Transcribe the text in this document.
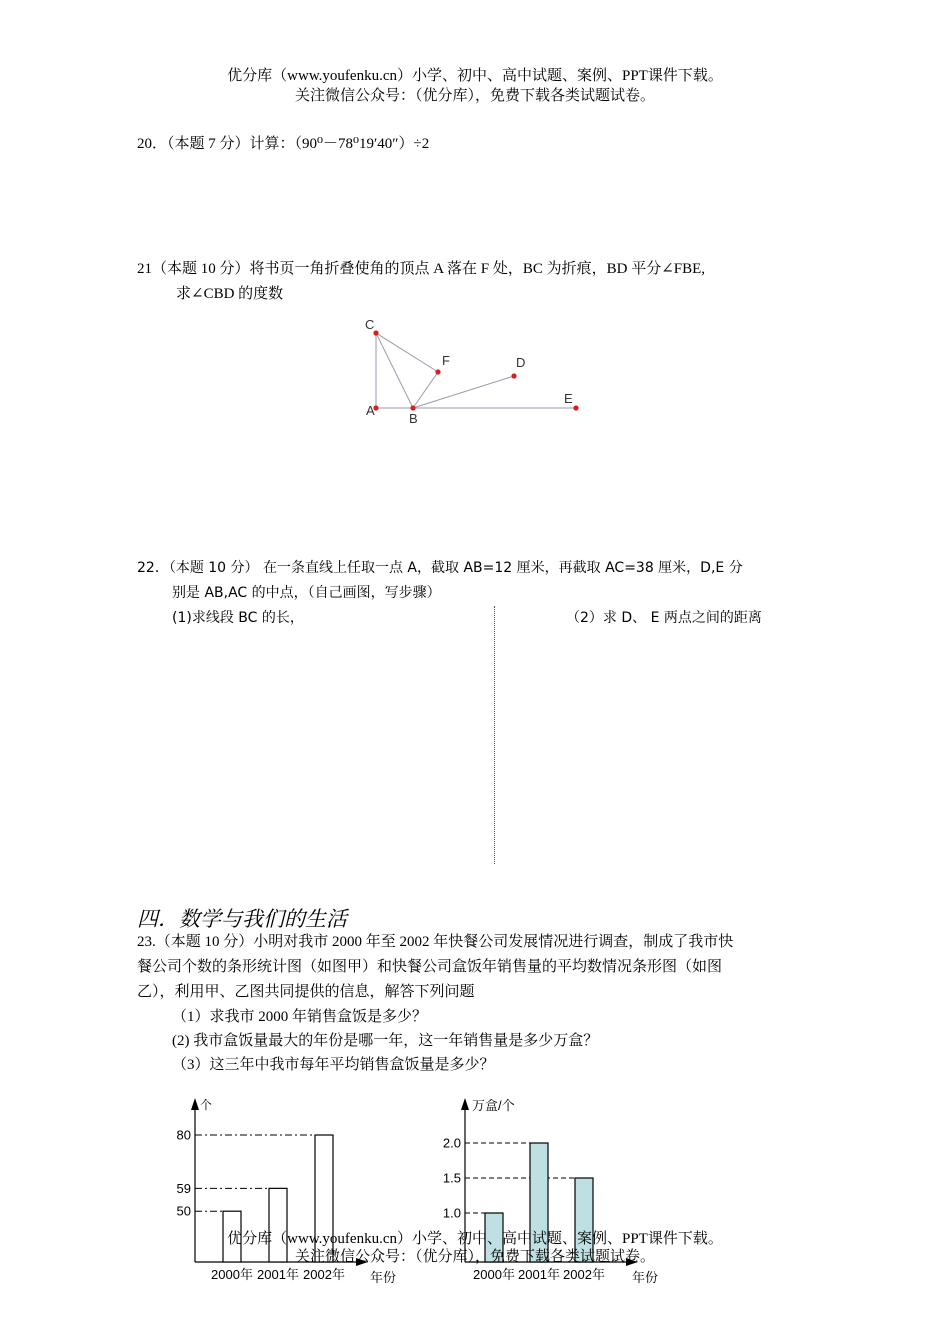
优分库（www.youfenku.cn）小学、初中、高中试题、案例、PPT课件下载。
关注微信公众号：（优分库），免费下载各类试题试卷。
20．（本题 7 分）计算：（90⁰－78⁰19′40″）÷2
21（本题 10 分）将书页一角折叠使角的顶点 A 落在 F 处，BC 为折痕，BD 平分∠FBE,
求∠CBD 的度数
C
F	D
A
B
E
22．（本题 10 分） 在一条直线上任取一点 A，截取 AB=12 厘米，再截取 AC=38 厘米，D,E 分
别是 AB,AC 的中点，（自己画图，写步骤）
(1)求线段 BC 的长，	（2）求 D、 E 两点之间的距离
四．数学与我们的生活
23.（本题 10 分）小明对我市 2000 年至 2002 年快餐公司发展情况进行调查，制成了我市快
餐公司个数的条形统计图（如图甲）和快餐公司盒饭年销售量的平均数情况条形图（如图
乙），利用甲、乙图共同提供的信息，解答下列问题
（1）求我市 2000 年销售盒饭是多少？
(2) 我市盒饭量最大的年份是哪一年，这一年销售量是多少万盒？
（3）这三年中我市每年平均销售盒饭量是多少？
个
年份
50
59
80
2000年 2001年 2002年
万盒/个
年份
1.0
1.5
2.0
2000年 2001年 2002年
优分库（www.youfenku.cn）小学、初中、高中试题、案例、PPT课件下载。
关注微信公众号：（优分库），免费下载各类试题试卷。
